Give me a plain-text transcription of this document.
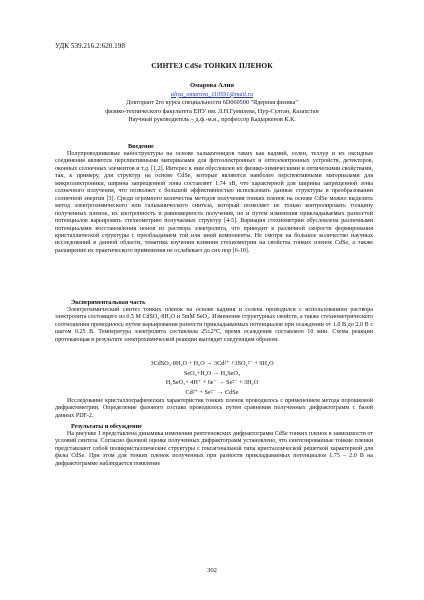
УДК 539.216.2:620.198
СИНТЕЗ CdSe ТОНКИХ ПЛЕНОК
Омарова Алия
aliya_omarova_110591@mail.ru
Докторант 2го курса специальности 6D060500 "Ядерная физика"
физико-технического факультета ЕНУ им. Л.Н.Гумилева, Нур-Султан, Казахстан
Научный руководитель – д.ф.-м.н., профессор Кадыркенов К.К.
Введение

Полупроводниковые наноструктуры на основе халькогенидов таких как кадмий, селен, теллур и их оксидные соединения являются перспективными материалами для фотоэлектронных и оптоэлектронных устройств, детекторов, оконных солнечных элементов и т.д. [1,2]. Интерес к ним обусловлен их физико-химическими и оптическими свойствами, так, к примеру, для структур на основе CdSe, которые являются наиболее перспективными материалами для микроэлектроники, ширина запрещенной зоны составляет 1.74 эВ, что характерной для ширины запрещенной зоны солнечного излучения, что позволяет с большой эффективностью использовать данные структуры в преобразовании солнечной энергии [3]. Среди огромного количества методов получения тонких пленок на основе CdSe можно выделить метод электрохимического или гальванического синтеза, который позволяет не только контролировать толщину полученных пленок, их изотропность и равномерность получения, но и путем изменения прикладываемых разностей потенциалов варьировать стехиометрию получаемых структур [4-5]. Вариация стехиометрии обусловлена различными потенциалами восстановления ионов из раствора электролита, что приводит к различной скорости формирования кристаллической структуры с преобладанием той или иной компоненты. Не смотря на большое количество научных исследований в данной области, тематика изучения влияния стехиометрии на свойства тонких пленок CdSe, а также расширение их практического применения не ослабевает до сих пор [6-10].

Экспериментальная часть

Электрохимический синтез тонких пленок на основе кадмия и селена проводился с использованием раствора электролита состоящего из 0.5 М CdSO₄·8H₂O и 5mM SeO₂. Изменение структурных свойств, а также стехиометрического соотношения проводилось путем варьирования разности прикладываемых потенциалов при осаждении от 1.0 В до 2.0 В с шагом 0.25 В. Температура электролита составляла 25±2°С, время осаждения составляло 10 мин. Схема реакции протекающая в результате электрохимической реакции выглядит следующим образом:

3CdSO₄·8H₂O + H₂O → 3Cd²⁺ +3SO₄²⁻ + 9H₂O
SeO₂+H₂O → H₂SeO₃
H₂SeO₃+ 4H⁺ + 6e⁻ → Se²⁻ + 3H₂O
Cd²⁺ + Se²⁻ → CdSe

Исследование кристаллографических характеристик тонких пленок проводилось с применением метода порошковой дифрактометрии. Определение фазового состава проводилось путем сравнения полученных дифрактограмм с базой данных PDF-2.

Результаты и обсуждение

На рисунке 1 представлена динамика изменения рентгеновских дифрактограмм CdSe тонких пленок в зависимости от условий синтеза. Согласно фазовой оценке полученных дифрактограмм установлено, что синтезированные тонкие пленки представляют собой поликристаллические структуры с гексагональной типа кристаллической решеткой характерной для фазы CdSe. При этом для тонких пленок полученных при разности прикладываемых потенциалов 1.75 – 2.0 В на дифрактограмме наблюдается появление

302
